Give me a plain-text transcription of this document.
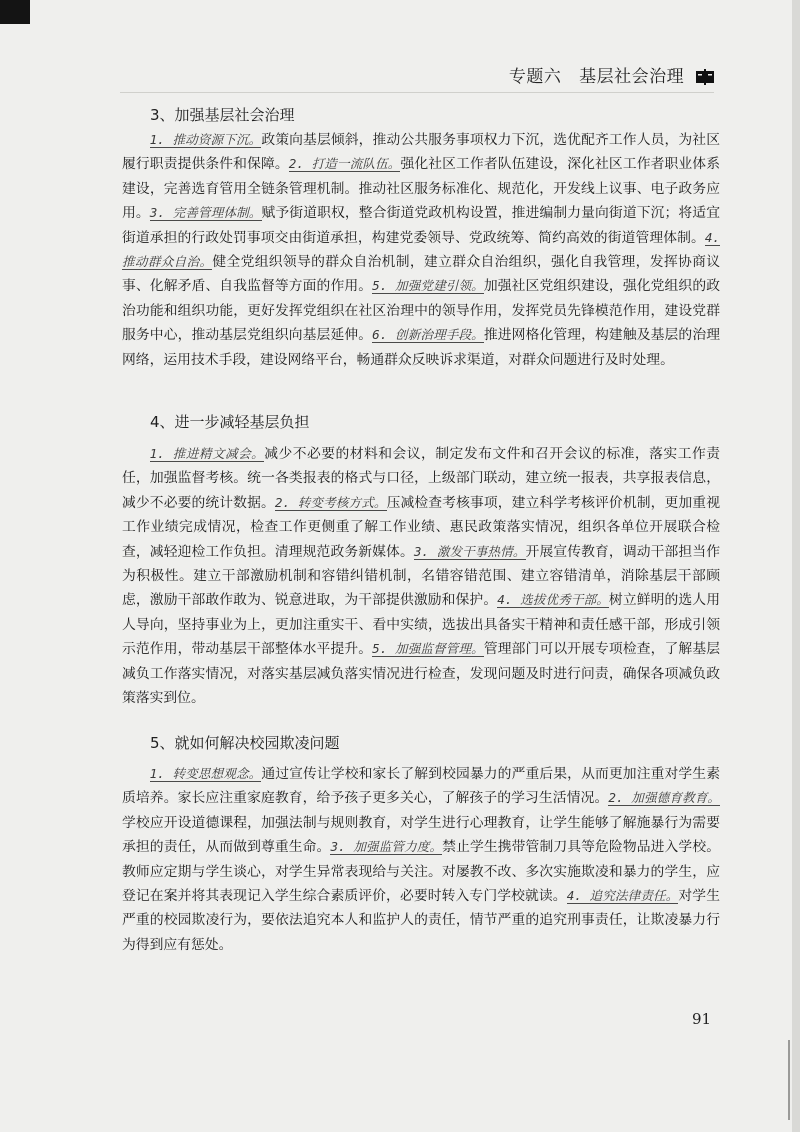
专题六 基层社会治理
3、加强基层社会治理

1. 推动资源下沉。政策向基层倾斜，推动公共服务事项权力下沉，选优配齐工作人员，为社区履行职责提供条件和保障。2. 打造一流队伍。强化社区工作者队伍建设，深化社区工作者职业体系建设，完善选育管用全链条管理机制。推动社区服务标准化、规范化，开发线上议事、电子政务应用。3. 完善管理体制。赋予街道职权，整合街道党政机构设置，推进编制力量向街道下沉；将适宜街道承担的行政处罚事项交由街道承担，构建党委领导、党政统筹、简约高效的街道管理体制。4. 推动群众自治。健全党组织领导的群众自治机制，建立群众自治组织，强化自我管理，发挥协商议事、化解矛盾、自我监督等方面的作用。5. 加强党建引领。加强社区党组织建设，强化党组织的政治功能和组织功能，更好发挥党组织在社区治理中的领导作用，发挥党员先锋模范作用，建设党群服务中心，推动基层党组织向基层延伸。6. 创新治理手段。推进网格化管理，构建触及基层的治理网络，运用技术手段，建设网络平台，畅通群众反映诉求渠道，对群众问题进行及时处理。

4、进一步减轻基层负担

1. 推进精文减会。减少不必要的材料和会议，制定发布文件和召开会议的标准，落实工作责任，加强监督考核。统一各类报表的格式与口径，上级部门联动，建立统一报表，共享报表信息，减少不必要的统计数据。2. 转变考核方式。压减检查考核事项，建立科学考核评价机制，更加重视工作业绩完成情况，检查工作更侧重了解工作业绩、惠民政策落实情况，组织各单位开展联合检查，减轻迎检工作负担。清理规范政务新媒体。3. 激发干事热情。开展宣传教育，调动干部担当作为积极性。建立干部激励机制和容错纠错机制，名错容错范围、建立容错清单，消除基层干部顾虑，激励干部敢作敢为、锐意进取，为干部提供激励和保护。4. 选拔优秀干部。树立鲜明的选人用人导向，坚持事业为上，更加注重实干、看中实绩，选拔出具备实干精神和责任感干部，形成引领示范作用，带动基层干部整体水平提升。5. 加强监督管理。管理部门可以开展专项检查，了解基层减负工作落实情况，对落实基层减负落实情况进行检查，发现问题及时进行问责，确保各项减负政策落实到位。

5、就如何解决校园欺凌问题

1. 转变思想观念。通过宣传让学校和家长了解到校园暴力的严重后果，从而更加注重对学生素质培养。家长应注重家庭教育，给予孩子更多关心，了解孩子的学习生活情况。2. 加强德育教育。学校应开设道德课程，加强法制与规则教育，对学生进行心理教育，让学生能够了解施暴行为需要承担的责任，从而做到尊重生命。3. 加强监管力度。禁止学生携带管制刀具等危险物品进入学校。教师应定期与学生谈心，对学生异常表现给与关注。对屡教不改、多次实施欺凌和暴力的学生，应登记在案并将其表现记入学生综合素质评价，必要时转入专门学校就读。4. 追究法律责任。对学生严重的校园欺凌行为，要依法追究本人和监护人的责任，情节严重的追究刑事责任，让欺凌暴力行为得到应有惩处。

91
